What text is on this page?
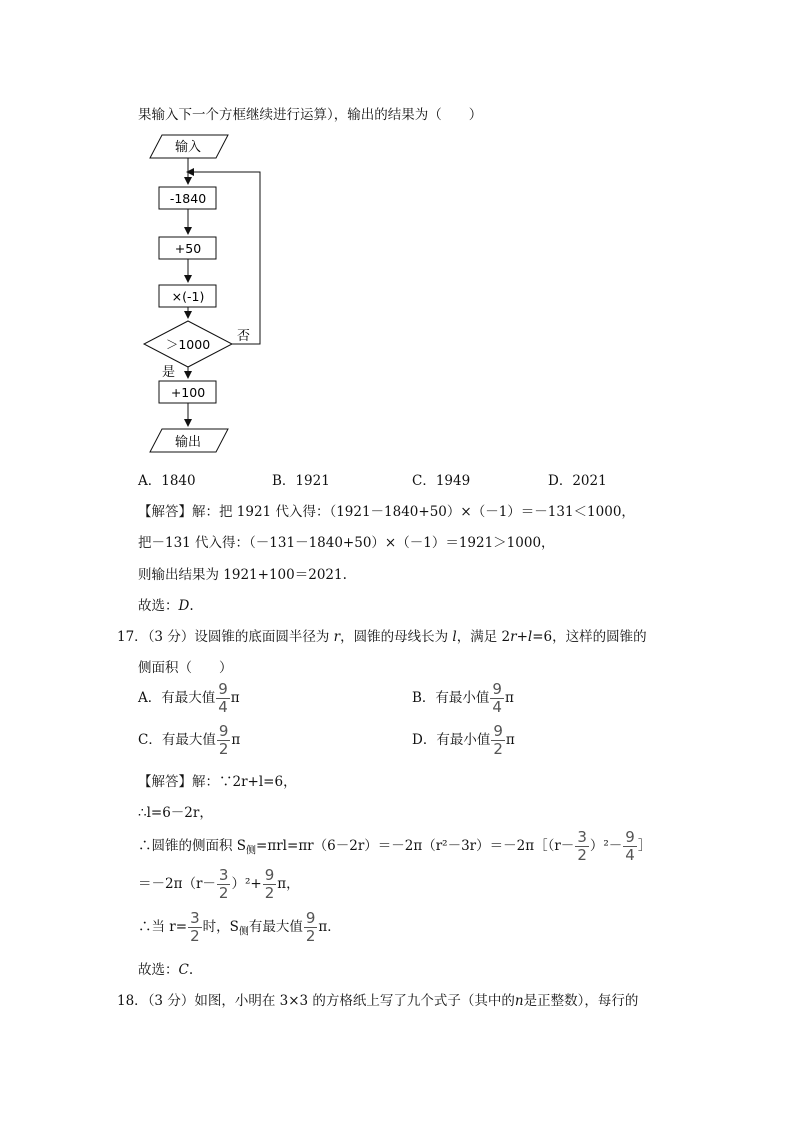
果输入下一个方框继续进行运算），输出的结果为（　　）
输入
-1840
+50
×(-1)
＞1000
否
是
+100
输出
A．1840	B．1921	C．1949	D．2021
【解答】解：把 1921 代入得：（1921－1840+50）×（－1）＝－131＜1000，
把－131 代入得：（－131－1840+50）×（－1）＝1921＞1000，
则输出结果为 1921+100＝2021.
故选：D.
17．（3 分）设圆锥的底面圆半径为 r，圆锥的母线长为 l，满足 2r+l=6，这样的圆锥的
侧面积（　　）
A．有最大值 $\frac{9}{4}$ π	B．有最小值 $\frac{9}{4}$ π
C．有最大值 $\frac{9}{2}$ π	D．有最小值 $\frac{9}{2}$ π
【解答】解：∵2r+l=6，
∴l=6－2r，
∴圆锥的侧面积 $S_侧=\pi rl=\pi r(6-2r)=-2\pi(r^2-3r)=-2\pi[(r- \frac{3}{2} )^2- \frac{9}{4}$ ］
$=-2\pi(r- \frac{3}{2} )^2+ \frac{9}{2}$ π，
∴当 $r= \frac{3}{2}$ 时，$S_侧$有最大值 $\frac{9}{2}$ π．
故选：C.
18．（3 分）如图，小明在 3×3 的方格纸上写了九个式子（其中的n是正整数），每行的
